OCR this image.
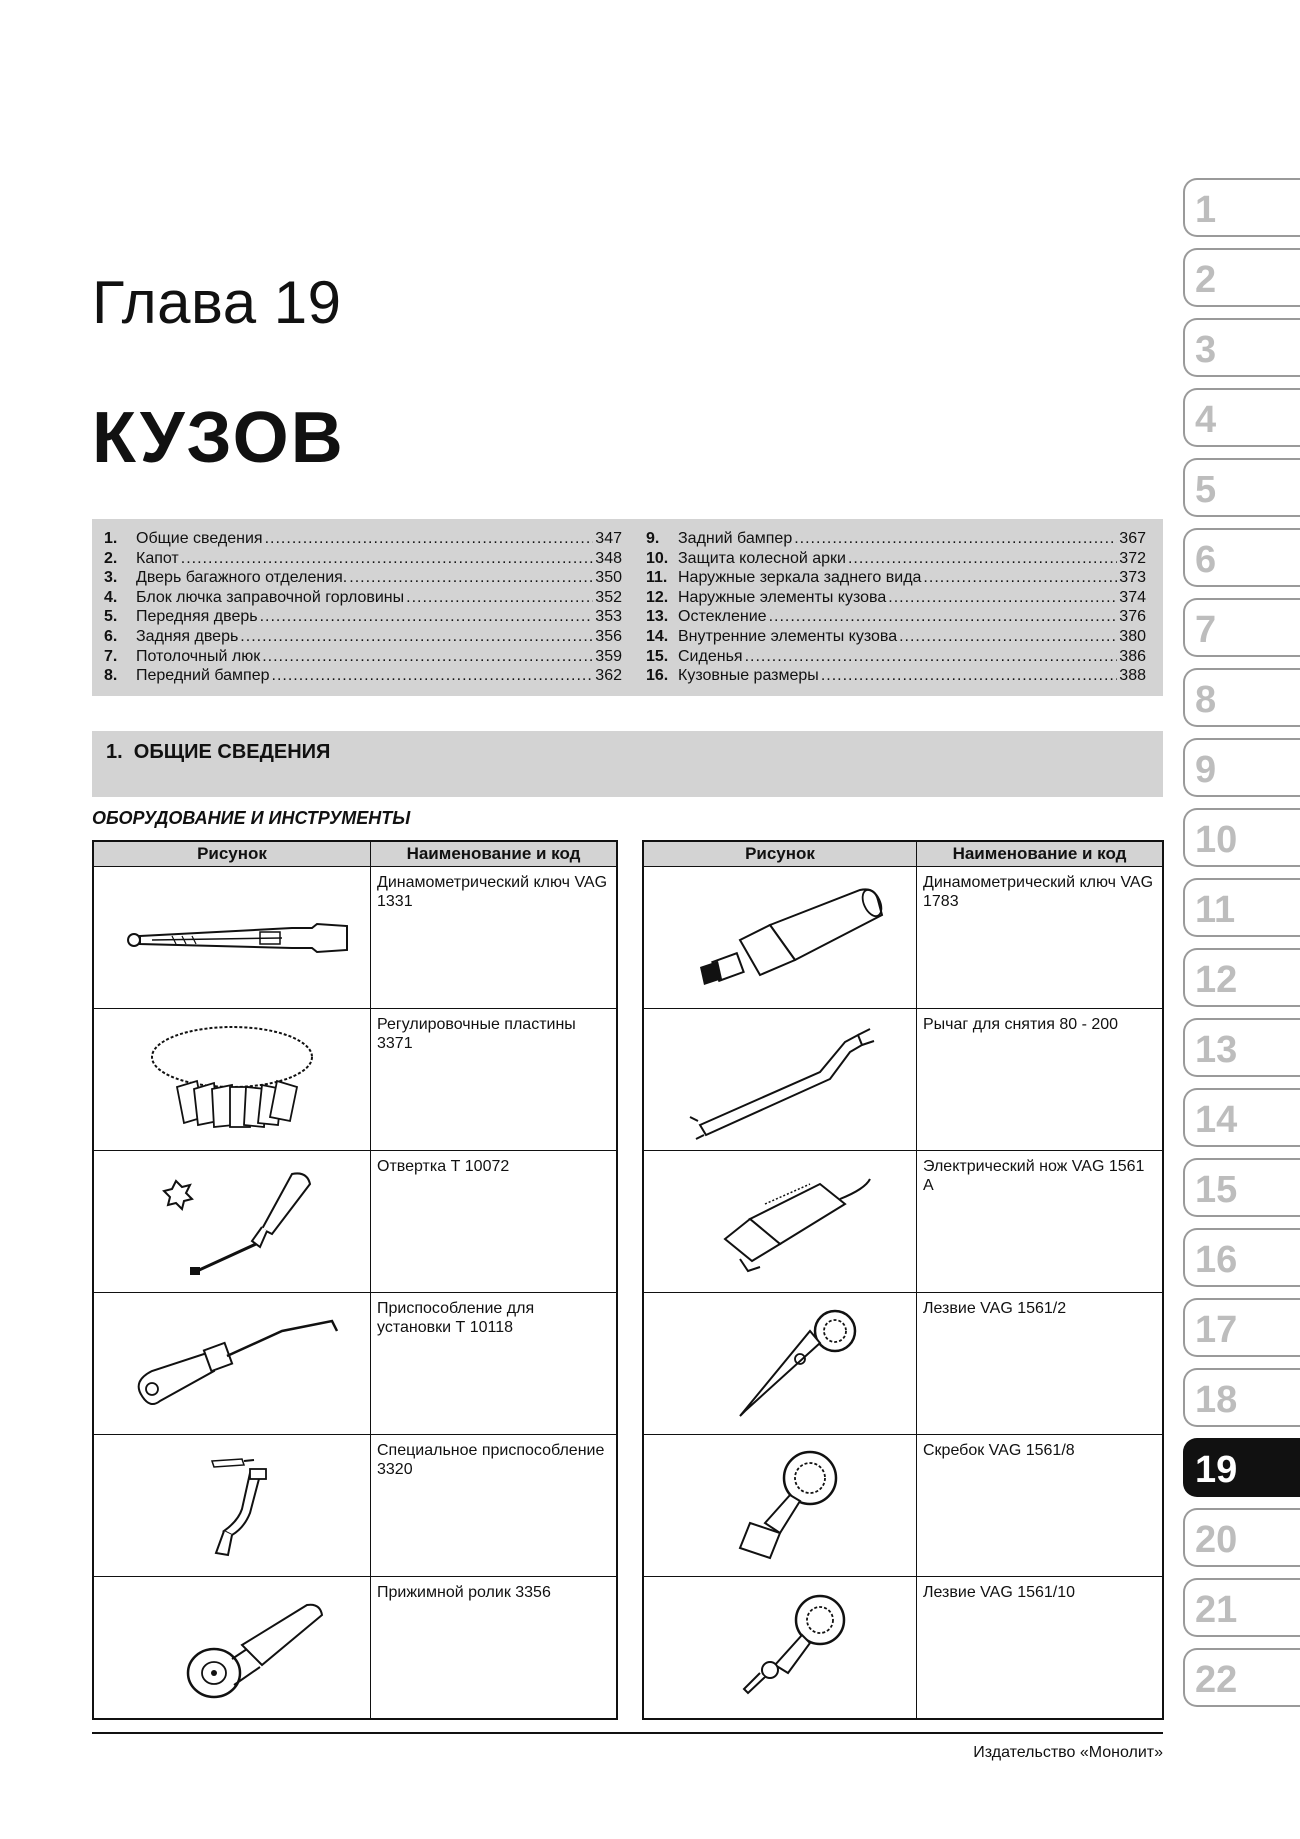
Глава 19
КУЗОВ
1.	Общие сведения .....	347
2.	Капот .....	348
3.	Дверь багажного отделения. .....	350
4.	Блок лючка заправочной горловины .....	352
5.	Передняя дверь .....	353
6.	Задняя дверь .....	356
7.	Потолочный люк .....	359
8.	Передний бампер .....	362
9.	Задний бампер .....	367
10. Защита колесной арки .....	372
11. Наружные зеркала заднего вида .....	373
12. Наружные элементы кузова .....	374
13. Остекление .....	376
14. Внутренние элементы кузова .....	380
15. Сиденья .....	386
16. Кузовные размеры .....	388
1.  ОБЩИЕ СВЕДЕНИЯ
ОБОРУДОВАНИЕ И ИНСТРУМЕНТЫ
Рисунок	Наименование и код

	Динамометрический ключ VAG 1331

	Регулировочные пластины 3371

	Отвертка Т 10072

	Приспособление для установки Т 10118

	Специальное приспособление 3320

	Прижимной ролик 3356
Рисунок	Наименование и код

	Динамометрический ключ VAG 1783

	Рычаг для снятия 80 - 200

	Электрический нож VAG 1561 A

	Лезвие VAG 1561/2

	Скребок VAG 1561/8

	Лезвие VAG 1561/10
1
2
3
4
5
6
7
8
9
10
11
12
13
14
15
16
17
18
19
20
21
22
Издательство «Монолит»
